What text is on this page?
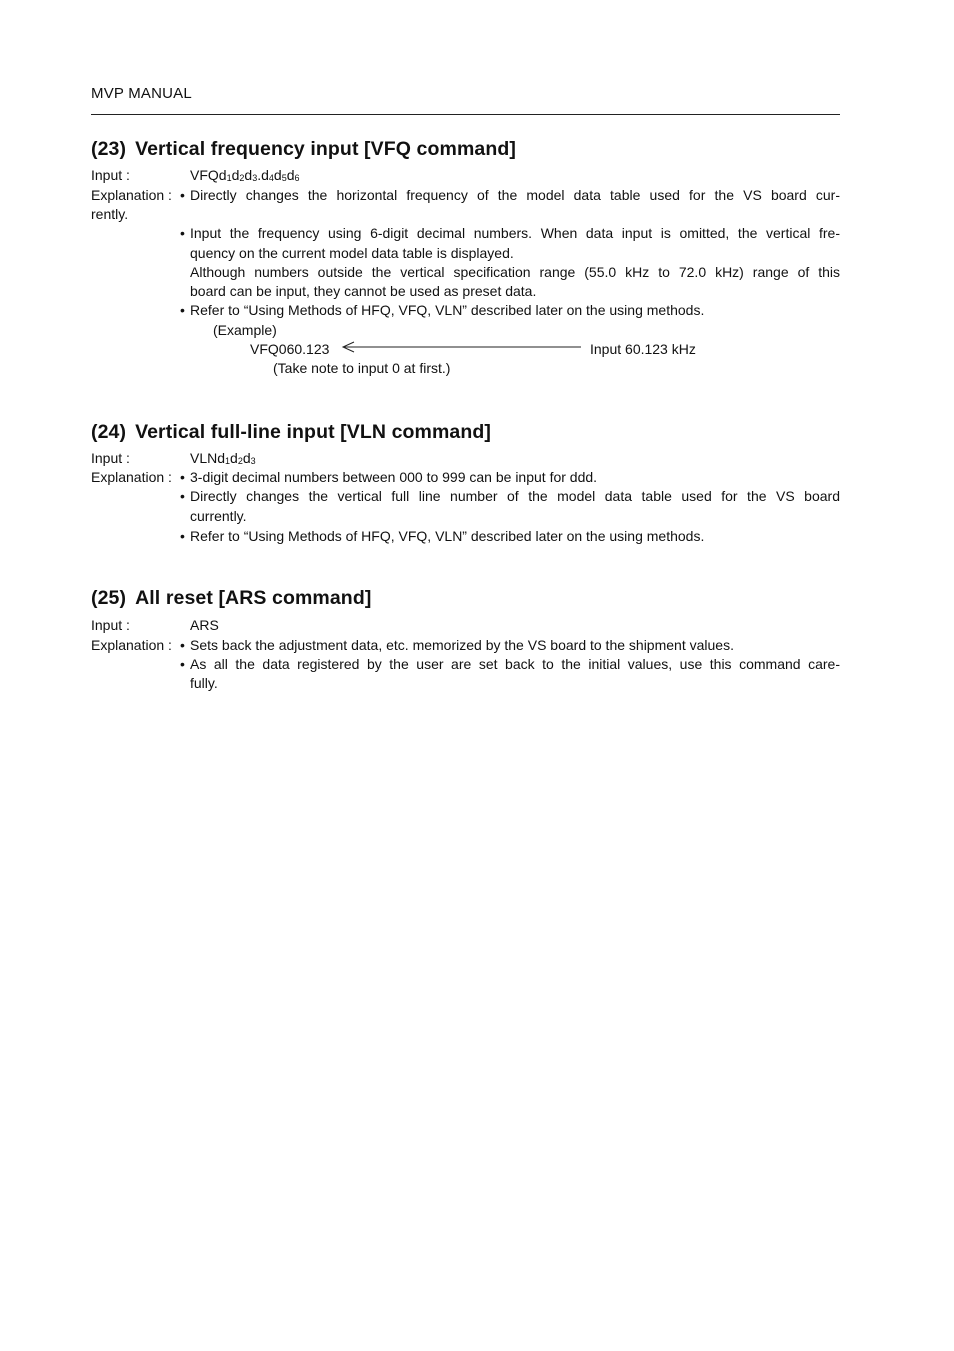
MVP MANUAL
(23) Vertical frequency input [VFQ command]
Input :	$VFQd_1d_2d_3.d_4d_5d_6$
Explanation : • Directly changes the horizontal frequency of the model data table used for the VS board cur-
rently.
• Input the frequency using 6-digit decimal numbers. When data input is omitted, the vertical fre-
quency on the current model data table is displayed.
Although numbers outside the vertical specification range (55.0 kHz to 72.0 kHz) range of this
board can be input, they cannot be used as preset data.
• Refer to “Using Methods of HFQ, VFQ, VLN” described later on the using methods.
(Example)
VFQ060.123	Input 60.123 kHz
(Take note to input 0 at first.)
(24) Vertical full-line input [VLN command]
Input :	$VLNd_1d_2d_3$
Explanation : • 3-digit decimal numbers between 000 to 999 can be input for ddd.
• Directly changes the vertical full line number of the model data table used for the VS board
currently.
• Refer to “Using Methods of HFQ, VFQ, VLN” described later on the using methods.
(25) All reset [ARS command]
Input :	ARS
Explanation : • Sets back the adjustment data, etc. memorized by the VS board to the shipment values.
• As all the data registered by the user are set back to the initial values, use this command care-
fully.
